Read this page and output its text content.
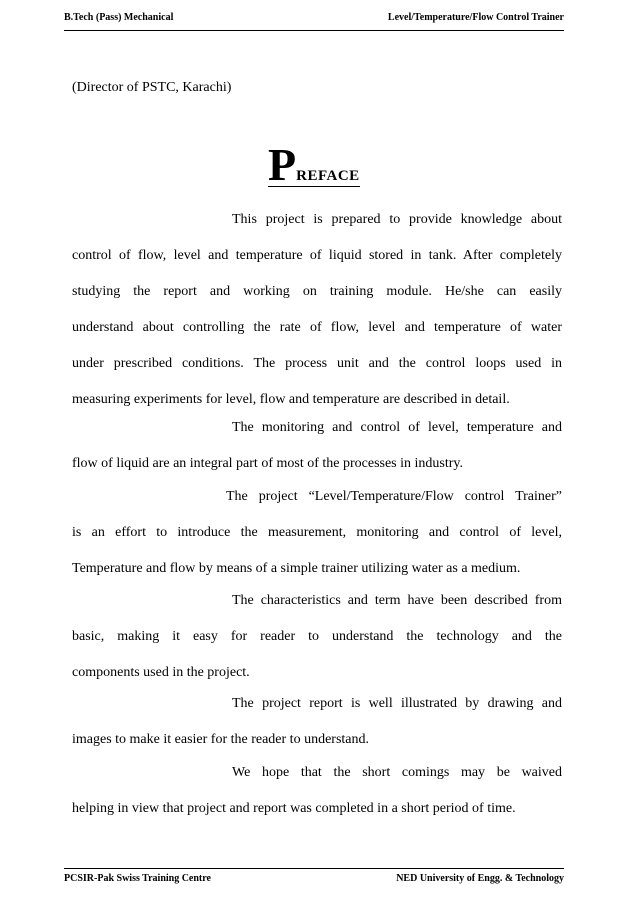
B.Tech (Pass) Mechanical	Level/Temperature/Flow Control Trainer
(Director of PSTC, Karachi)
PREFACE
This project is prepared to provide knowledge about
control of flow, level and temperature of liquid stored in tank. After completely
studying the report and working on training module. He/she can easily
understand about controlling the rate of flow, level and temperature of water
under prescribed conditions. The process unit and the control loops used in
measuring experiments for level, flow and temperature are described in detail.
The monitoring and control of level, temperature and
flow of liquid are an integral part of most of the processes in industry.
The project “Level/Temperature/Flow control Trainer”
is an effort to introduce the measurement, monitoring and control of level,
Temperature and flow by means of a simple trainer utilizing water as a medium.
The characteristics and term have been described from
basic, making it easy for reader to understand the technology and the
components used in the project.
The project report is well illustrated by drawing and
images to make it easier for the reader to understand.
We hope that the short comings may be waived
helping in view that project and report was completed in a short period of time.
PCSIR-Pak Swiss Training Centre	NED University of Engg. & Technology
